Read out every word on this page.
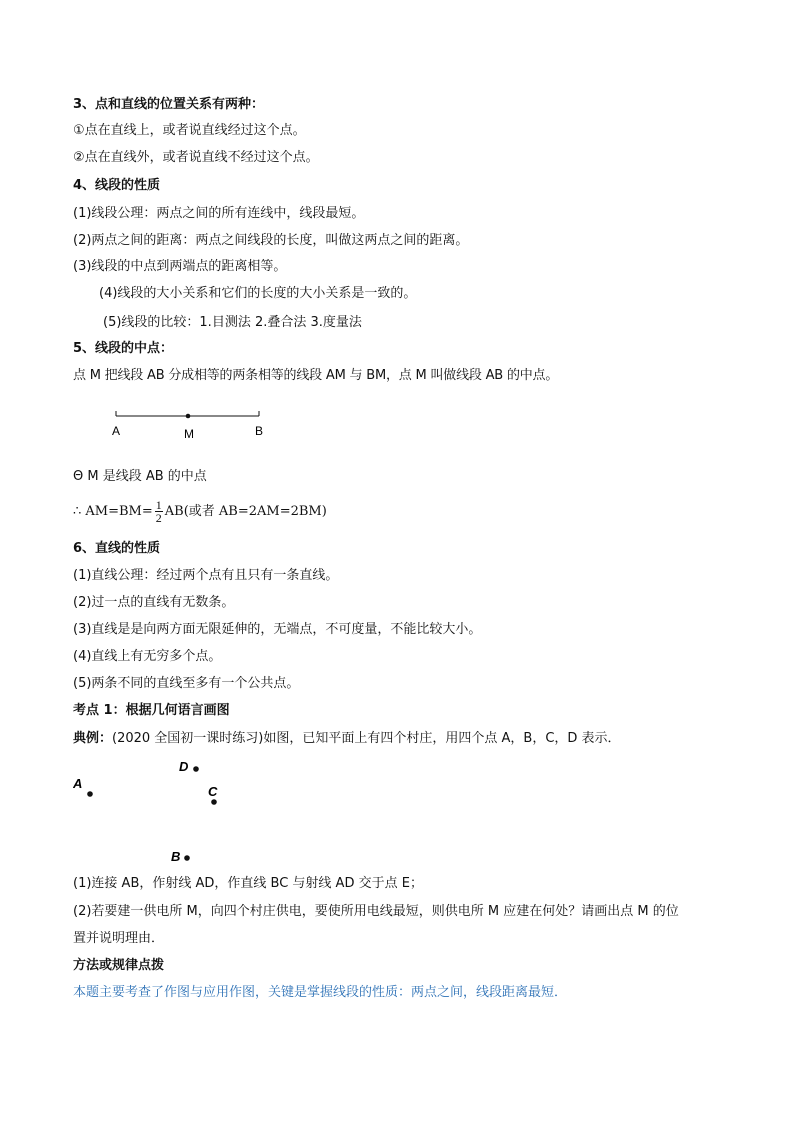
3、点和直线的位置关系有两种：
①点在直线上，或者说直线经过这个点。
②点在直线外，或者说直线不经过这个点。
4、线段的性质
(1)线段公理：两点之间的所有连线中，线段最短。
(2)两点之间的距离：两点之间线段的长度，叫做这两点之间的距离。
(3)线段的中点到两端点的距离相等。
(4)线段的大小关系和它们的长度的大小关系是一致的。
(5)线段的比较：1.目测法 2.叠合法 3.度量法
5、线段的中点：
点 M 把线段 AB 分成相等的两条相等的线段 AM 与 BM，点 M 叫做线段 AB 的中点。
A	M	B
Θ M 是线段 AB 的中点
∴ $AM=BM= \frac{1}{2} AB$(或者 AB=2AM=2BM)
6、直线的性质
(1)直线公理：经过两个点有且只有一条直线。
(2)过一点的直线有无数条。
(3)直线是是向两方面无限延伸的，无端点，不可度量，不能比较大小。
(4)直线上有无穷多个点。
(5)两条不同的直线至多有一个公共点。
考点 1：根据几何语言画图
典例：(2020 全国初一课时练习)如图，已知平面上有四个村庄，用四个点 A，B，C，D 表示．
A
D
C
B
(1)连接 AB，作射线 AD，作直线 BC 与射线 AD 交于点 E；
(2)若要建一供电所 M，向四个村庄供电，要使所用电线最短，则供电所 M 应建在何处？请画出点 M 的位
置并说明理由．
方法或规律点拨
本题主要考查了作图与应用作图，关键是掌握线段的性质：两点之间，线段距离最短．
